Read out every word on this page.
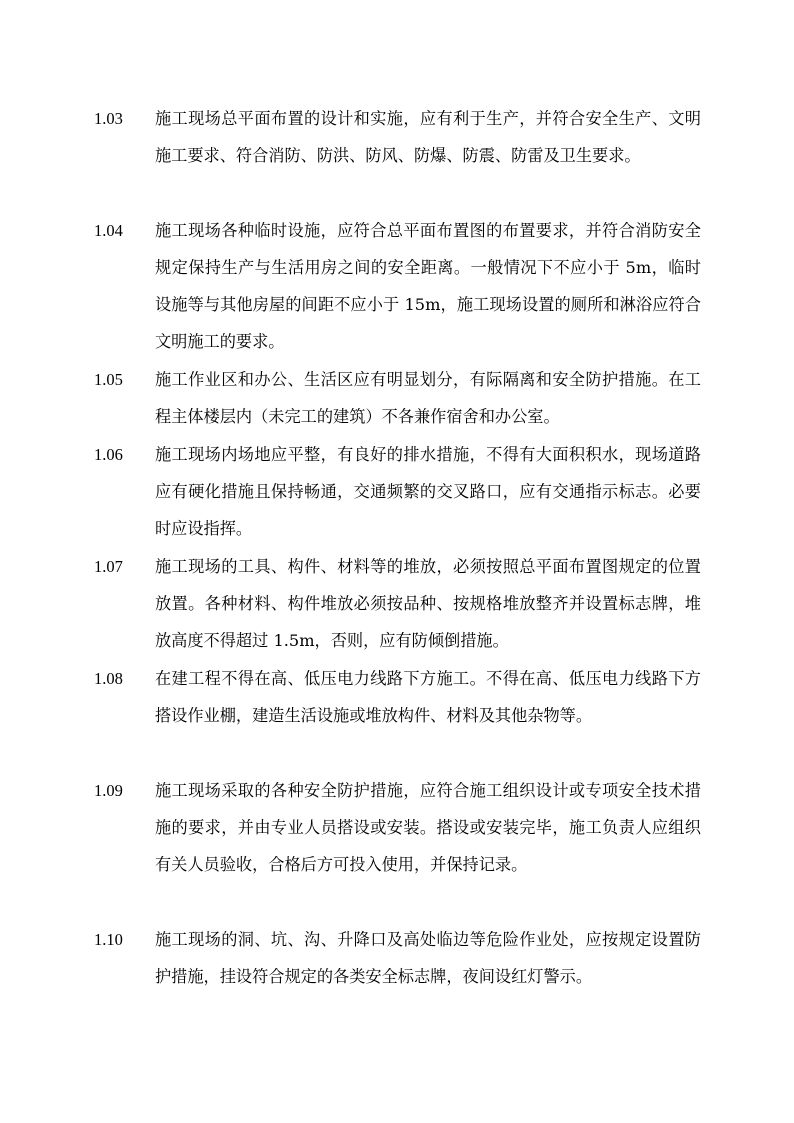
1.03	施工现场总平面布置的设计和实施，应有利于生产，并符合安全生产、文明施工要求、符合消防、防洪、防风、防爆、防震、防雷及卫生要求。
1.04	施工现场各种临时设施，应符合总平面布置图的布置要求，并符合消防安全规定保持生产与生活用房之间的安全距离。一般情况下不应小于 5m，临时设施等与其他房屋的间距不应小于 15m，施工现场设置的厕所和淋浴应符合文明施工的要求。
1.05	施工作业区和办公、生活区应有明显划分，有际隔离和安全防护措施。在工程主体楼层内（未完工的建筑）不各兼作宿舍和办公室。
1.06	施工现场内场地应平整，有良好的排水措施，不得有大面积积水，现场道路应有硬化措施且保持畅通，交通频繁的交叉路口，应有交通指示标志。必要时应设指挥。
1.07	施工现场的工具、构件、材料等的堆放，必须按照总平面布置图规定的位置放置。各种材料、构件堆放必须按品种、按规格堆放整齐并设置标志牌，堆放高度不得超过 1.5m，否则，应有防倾倒措施。
1.08	在建工程不得在高、低压电力线路下方施工。不得在高、低压电力线路下方搭设作业棚，建造生活设施或堆放构件、材料及其他杂物等。
1.09	施工现场采取的各种安全防护措施，应符合施工组织设计或专项安全技术措施的要求，并由专业人员搭设或安装。搭设或安装完毕，施工负责人应组织有关人员验收，合格后方可投入使用，并保持记录。
1.10	施工现场的洞、坑、沟、升降口及高处临边等危险作业处，应按规定设置防护措施，挂设符合规定的各类安全标志牌，夜间设红灯警示。
